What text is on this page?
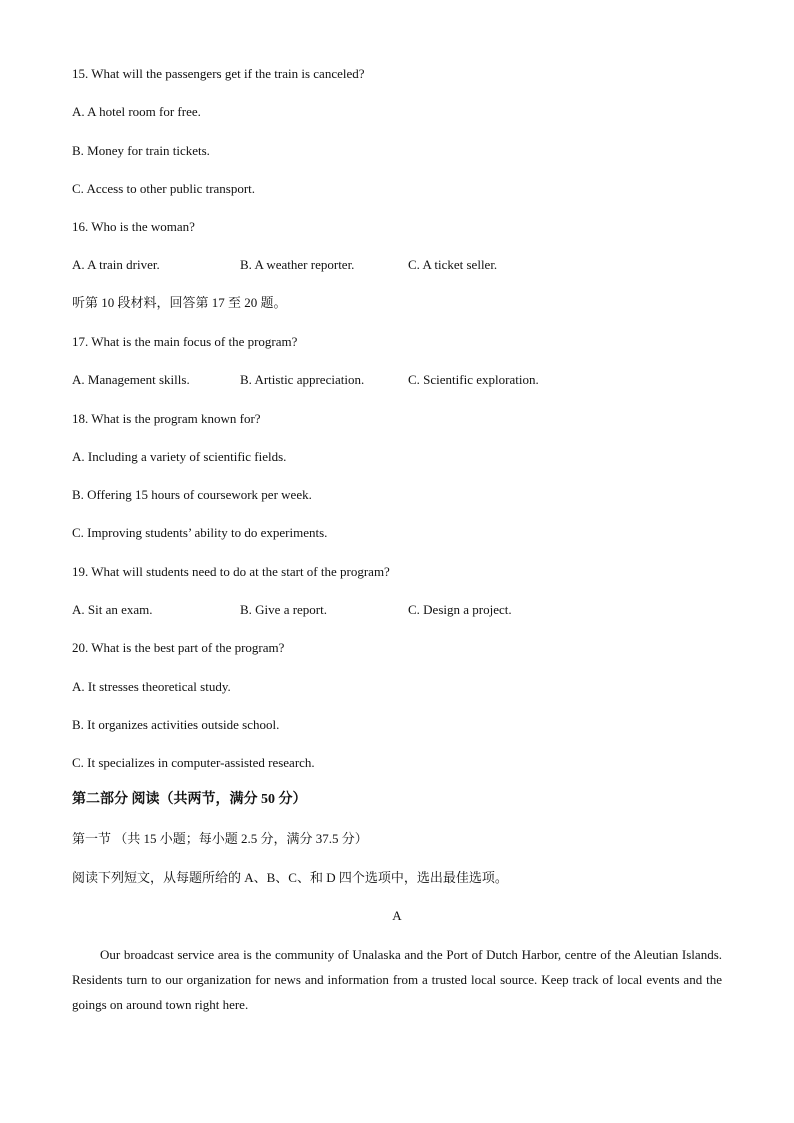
15. What will the passengers get if the train is canceled?
A. A hotel room for free.
B. Money for train tickets.
C. Access to other public transport.
16. Who is the woman?
A. A train driver.	B. A weather reporter.	C. A ticket seller.
听第 10 段材料，回答第 17 至 20 题。
17. What is the main focus of the program?
A. Management skills.	B. Artistic appreciation.	C. Scientific exploration.
18. What is the program known for?
A. Including a variety of scientific fields.
B. Offering 15 hours of coursework per week.
C. Improving students’ ability to do experiments.
19. What will students need to do at the start of the program?
A. Sit an exam.	B. Give a report.	C. Design a project.
20. What is the best part of the program?
A. It stresses theoretical study.
B. It organizes activities outside school.
C. It specializes in computer-assisted research.
第二部分 阅读（共两节，满分 50 分）
第一节 （共 15 小题；每小题 2.5 分，满分 37.5 分）
阅读下列短文，从每题所给的 A、B、C、和 D 四个选项中，选出最佳选项。
A
Our broadcast service area is the community of Unalaska and the Port of Dutch Harbor, centre of the Aleutian Islands. Residents turn to our organization for news and information from a trusted local source. Keep track of local events and the goings on around town right here.
